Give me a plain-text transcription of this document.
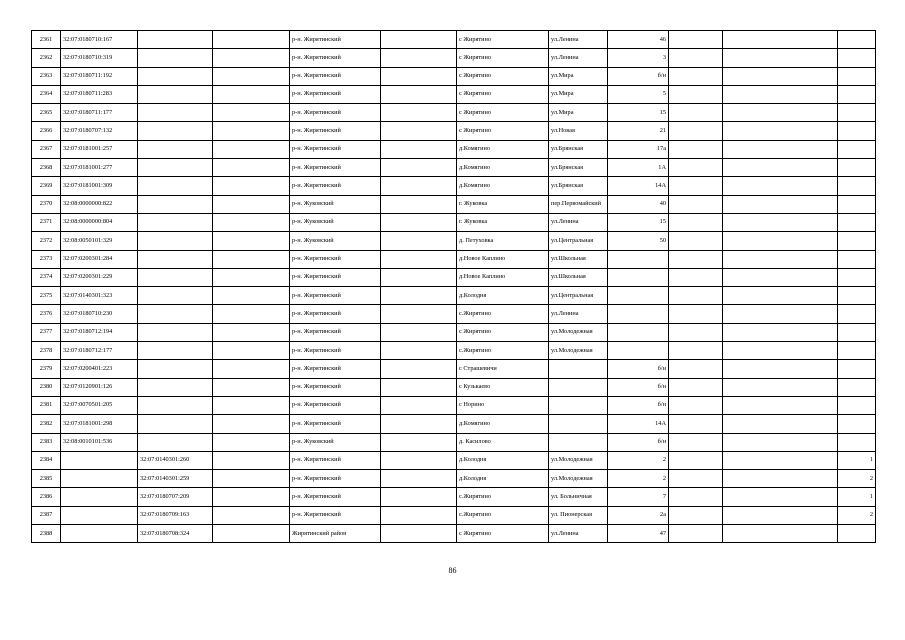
2361	32:07:0180710:167			р-н. Жирятинский		с Жирятино	ул.Ленина	46			
2362	32:07:0180710:319			р-н. Жирятинский		с Жирятино	ул.Ленина	3			
2363	32:07:0180711:192			р-н. Жирятинский		с Жирятино	ул.Мира	б/н			
2364	32:07:0180711:283			р-н. Жирятинский		с Жирятино	ул.Мира	5			
2365	32:07:0180711:177			р-н. Жирятинский		с Жирятино	ул.Мира	15			
2366	32:07:0180707:132			р-н. Жирятинский		с Жирятино	ул.Новая	21			
2367	32:07:0181001:257			р-н. Жирятинский		д.Комягино	ул.Брянская	17а			
2368	32:07:0181001:277			р-н. Жирятинский		д.Комягино	ул.Брянская	1А			
2369	32:07:0181001:309			р-н. Жирятинский		д.Комягино	ул.Брянская	14А			
2370	32:08:0000000:822			р-н. Жуковский		г. Жуковка	пер.Первомайский	40			
2371	32:08:0000000:804			р-н. Жуковский		г. Жуковка	ул.Ленина	15			
2372	32:08:0050101:329			р-н. Жуковский		д. Петуховка	ул.Центральная	50			
2373	32:07:0200301:284			р-н. Жирятинский		д.Новое Каплино	ул.Школьная				
2374	32:07:0200301:229			р-н. Жирятинский		д.Новое Каплино	ул.Школьная				
2375	32:07:0140301:323			р-н. Жирятинский		д.Колодня	ул.Центральная				
2376	32:07:0180710:230			р-н. Жирятинский		с.Жирятино	ул.Ленина				
2377	32:07:0180712:194			р-н. Жирятинский		с Жирятино	ул.Молодежная				
2378	32:07:0180712:177			р-н. Жирятинский		с.Жирятино	ул.Молодежная				
2379	32:07:0200401:223			р-н. Жирятинский		с Страшевичи		б/н			
2380	32:07:0120901:126			р-н. Жирятинский		с Кузькаево		б/н			
2381	32:07:0070501:205			р-н. Жирятинский		с Норино		б/н			
2382	32:07:0181001:298			р-н. Жирятинский		д.Комягино		14А			
2383	32:08:0010101:536			р-н. Жуковский		д. Касилово		б/н			
2384		32:07:0140301:260		р-н. Жирятинский		д.Колодня	ул.Молодежная	2			1
2385		32:07:0140301:259		р-н. Жирятинский		д.Колодня	ул.Молодежная	2			2
2386		32:07:0180707:209		р-н. Жирятинский		с.Жирятино	ул. Больничная	7			1
2387		32:07:0180709:163		р-н. Жирятинский		с.Жирятино	ул. Пионерская	2а			2
2388		32:07:0180708:324		Жирятинский район		с Жирятино	ул.Ленина	47			
86
